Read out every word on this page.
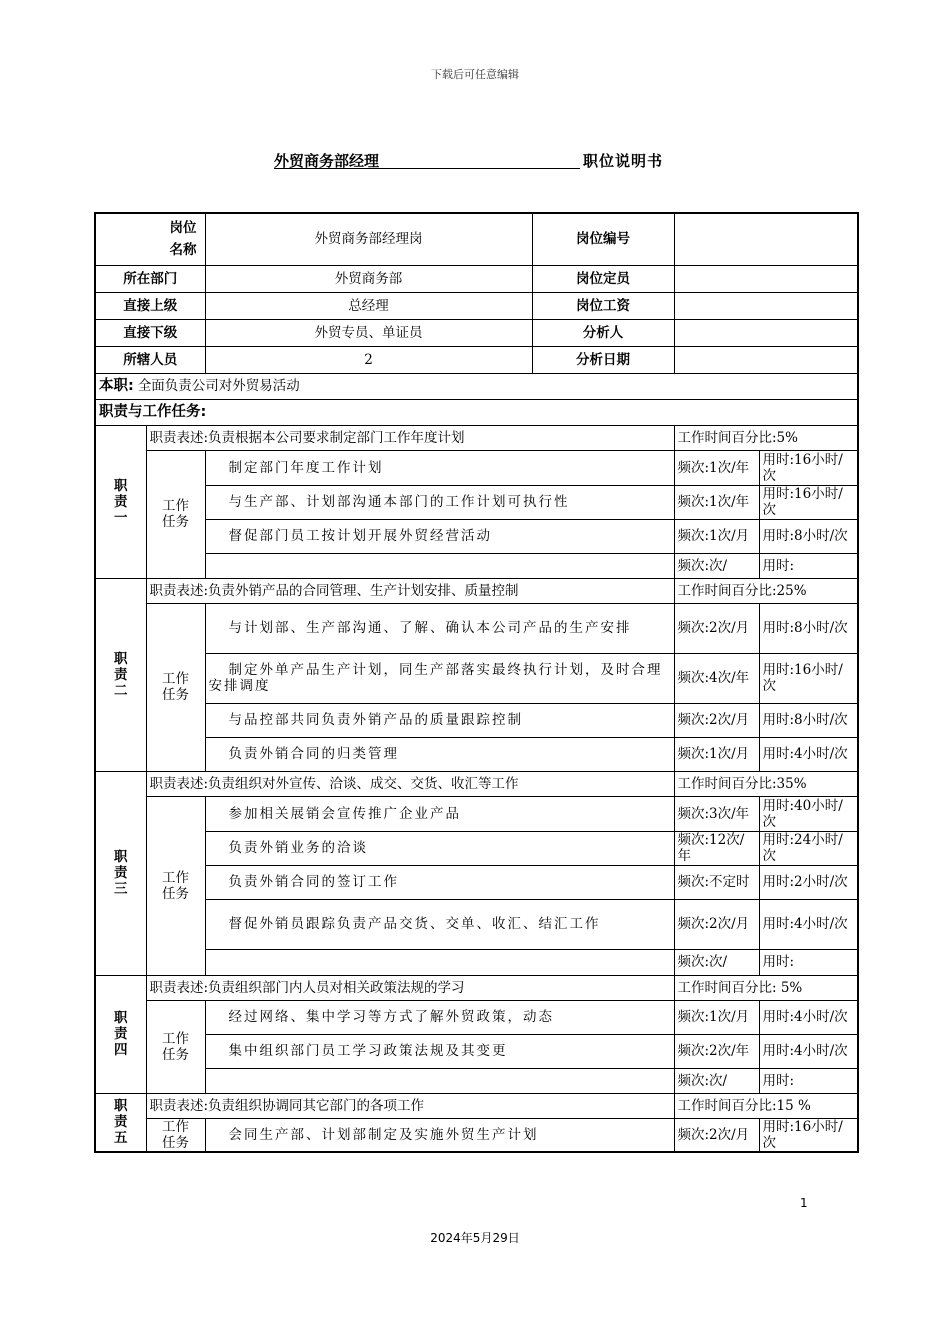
下载后可任意编辑
外贸商务部经理	职位说明书
岗位
名称		外贸商务部经理岗	岗位编号		
所在部门		外贸商务部	岗位定员		
直接上级		总经理	岗位工资		
直接下级		外贸专员、单证员	分析人		
所辖人员		2	分析日期		
本职: 全面负责公司对外贸易活动					
职责与工作任务:					

职
责
一	职责表述:负责根据本公司要求制定部门工作年度计划			工作时间百分比:5%	

	工作
任务	制定部门年度工作计划		频次:1次/年	用时:16小时/次
		与生产部、计划部沟通本部门的工作计划可执行性		频次:1次/年	用时:16小时/次
		督促部门员工按计划开展外贸经营活动		频次:1次/月	用时:8小时/次
				频次:次/	用时:

职
责
二	职责表述:负责外销产品的合同管理、生产计划安排、质量控制			工作时间百分比:25%	

	工作
任务	与计划部、生产部沟通、了解、确认本公司产品的生产安排		频次:2次/月	用时:8小时/次
		制定外单产品生产计划，同生产部落实最终执行计划，及时合理安排调度		频次:4次/年	用时:16小时/次
		与品控部共同负责外销产品的质量跟踪控制		频次:2次/月	用时:8小时/次
		负责外销合同的归类管理		频次:1次/月	用时:4小时/次

职
责
三	职责表述:负责组织对外宣传、洽谈、成交、交货、收汇等工作			工作时间百分比:35%	

	工作
任务	参加相关展销会宣传推广企业产品		频次:3次/年	用时:40小时/次
		负责外销业务的洽谈		频次:12次/年	用时:24小时/次
		负责外销合同的签订工作		频次:不定时	用时:2小时/次
		督促外销员跟踪负责产品交货、交单、收汇、结汇工作		频次:2次/月	用时:4小时/次
				频次:次/	用时:

职
责
四	职责表述:负责组织部门内人员对相关政策法规的学习			工作时间百分比: 5%	

	工作
任务	经过网络、集中学习等方式了解外贸政策，动态		频次:1次/月	用时:4小时/次
		集中组织部门员工学习政策法规及其变更		频次:2次/年	用时:4小时/次
				频次:次/	用时:

职
责
五	职责表述:负责组织协调同其它部门的各项工作			工作时间百分比:15 %	

	工作
任务	会同生产部、计划部制定及实施外贸生产计划		频次:2次/月	用时:16小时/次
1
2024年5月29日
